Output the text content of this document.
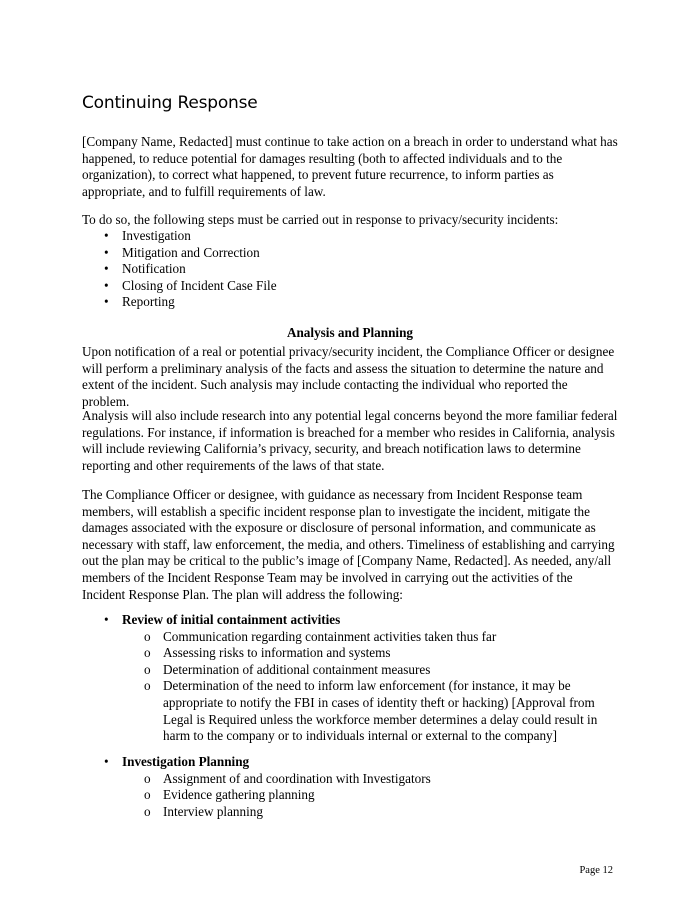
Continuing Response

[Company Name, Redacted] must continue to take action on a breach in order to understand what has happened, to reduce potential for damages resulting (both to affected individuals and to the organization), to correct what happened, to prevent future recurrence, to inform parties as appropriate, and to fulfill requirements of law.

To do so, the following steps must be carried out in response to privacy/security incidents:

• Investigation
• Mitigation and Correction
• Notification
• Closing of Incident Case File
• Reporting
Analysis and Planning

Upon notification of a real or potential privacy/security incident, the Compliance Officer or designee will perform a preliminary analysis of the facts and assess the situation to determine the nature and extent of the incident. Such analysis may include contacting the individual who reported the problem.

Analysis will also include research into any potential legal concerns beyond the more familiar federal regulations. For instance, if information is breached for a member who resides in California, analysis will include reviewing California’s privacy, security, and breach notification laws to determine reporting and other requirements of the laws of that state.

The Compliance Officer or designee, with guidance as necessary from Incident Response team members, will establish a specific incident response plan to investigate the incident, mitigate the damages associated with the exposure or disclosure of personal information, and communicate as necessary with staff, law enforcement, the media, and others. Timeliness of establishing and carrying out the plan may be critical to the public’s image of [Company Name, Redacted]. As needed, any/all members of the Incident Response Team may be involved in carrying out the activities of the Incident Response Plan. The plan will address the following:

• Review of initial containment activities
o Communication regarding containment activities taken thus far
o Assessing risks to information and systems
o Determination of additional containment measures
o Determination of the need to inform law enforcement (for instance, it may be appropriate to notify the FBI in cases of identity theft or hacking) [Approval from Legal is Required unless the workforce member determines a delay could result in harm to the company or to individuals internal or external to the company]
• Investigation Planning
o Assignment of and coordination with Investigators
o Evidence gathering planning
o Interview planning
Page 12
